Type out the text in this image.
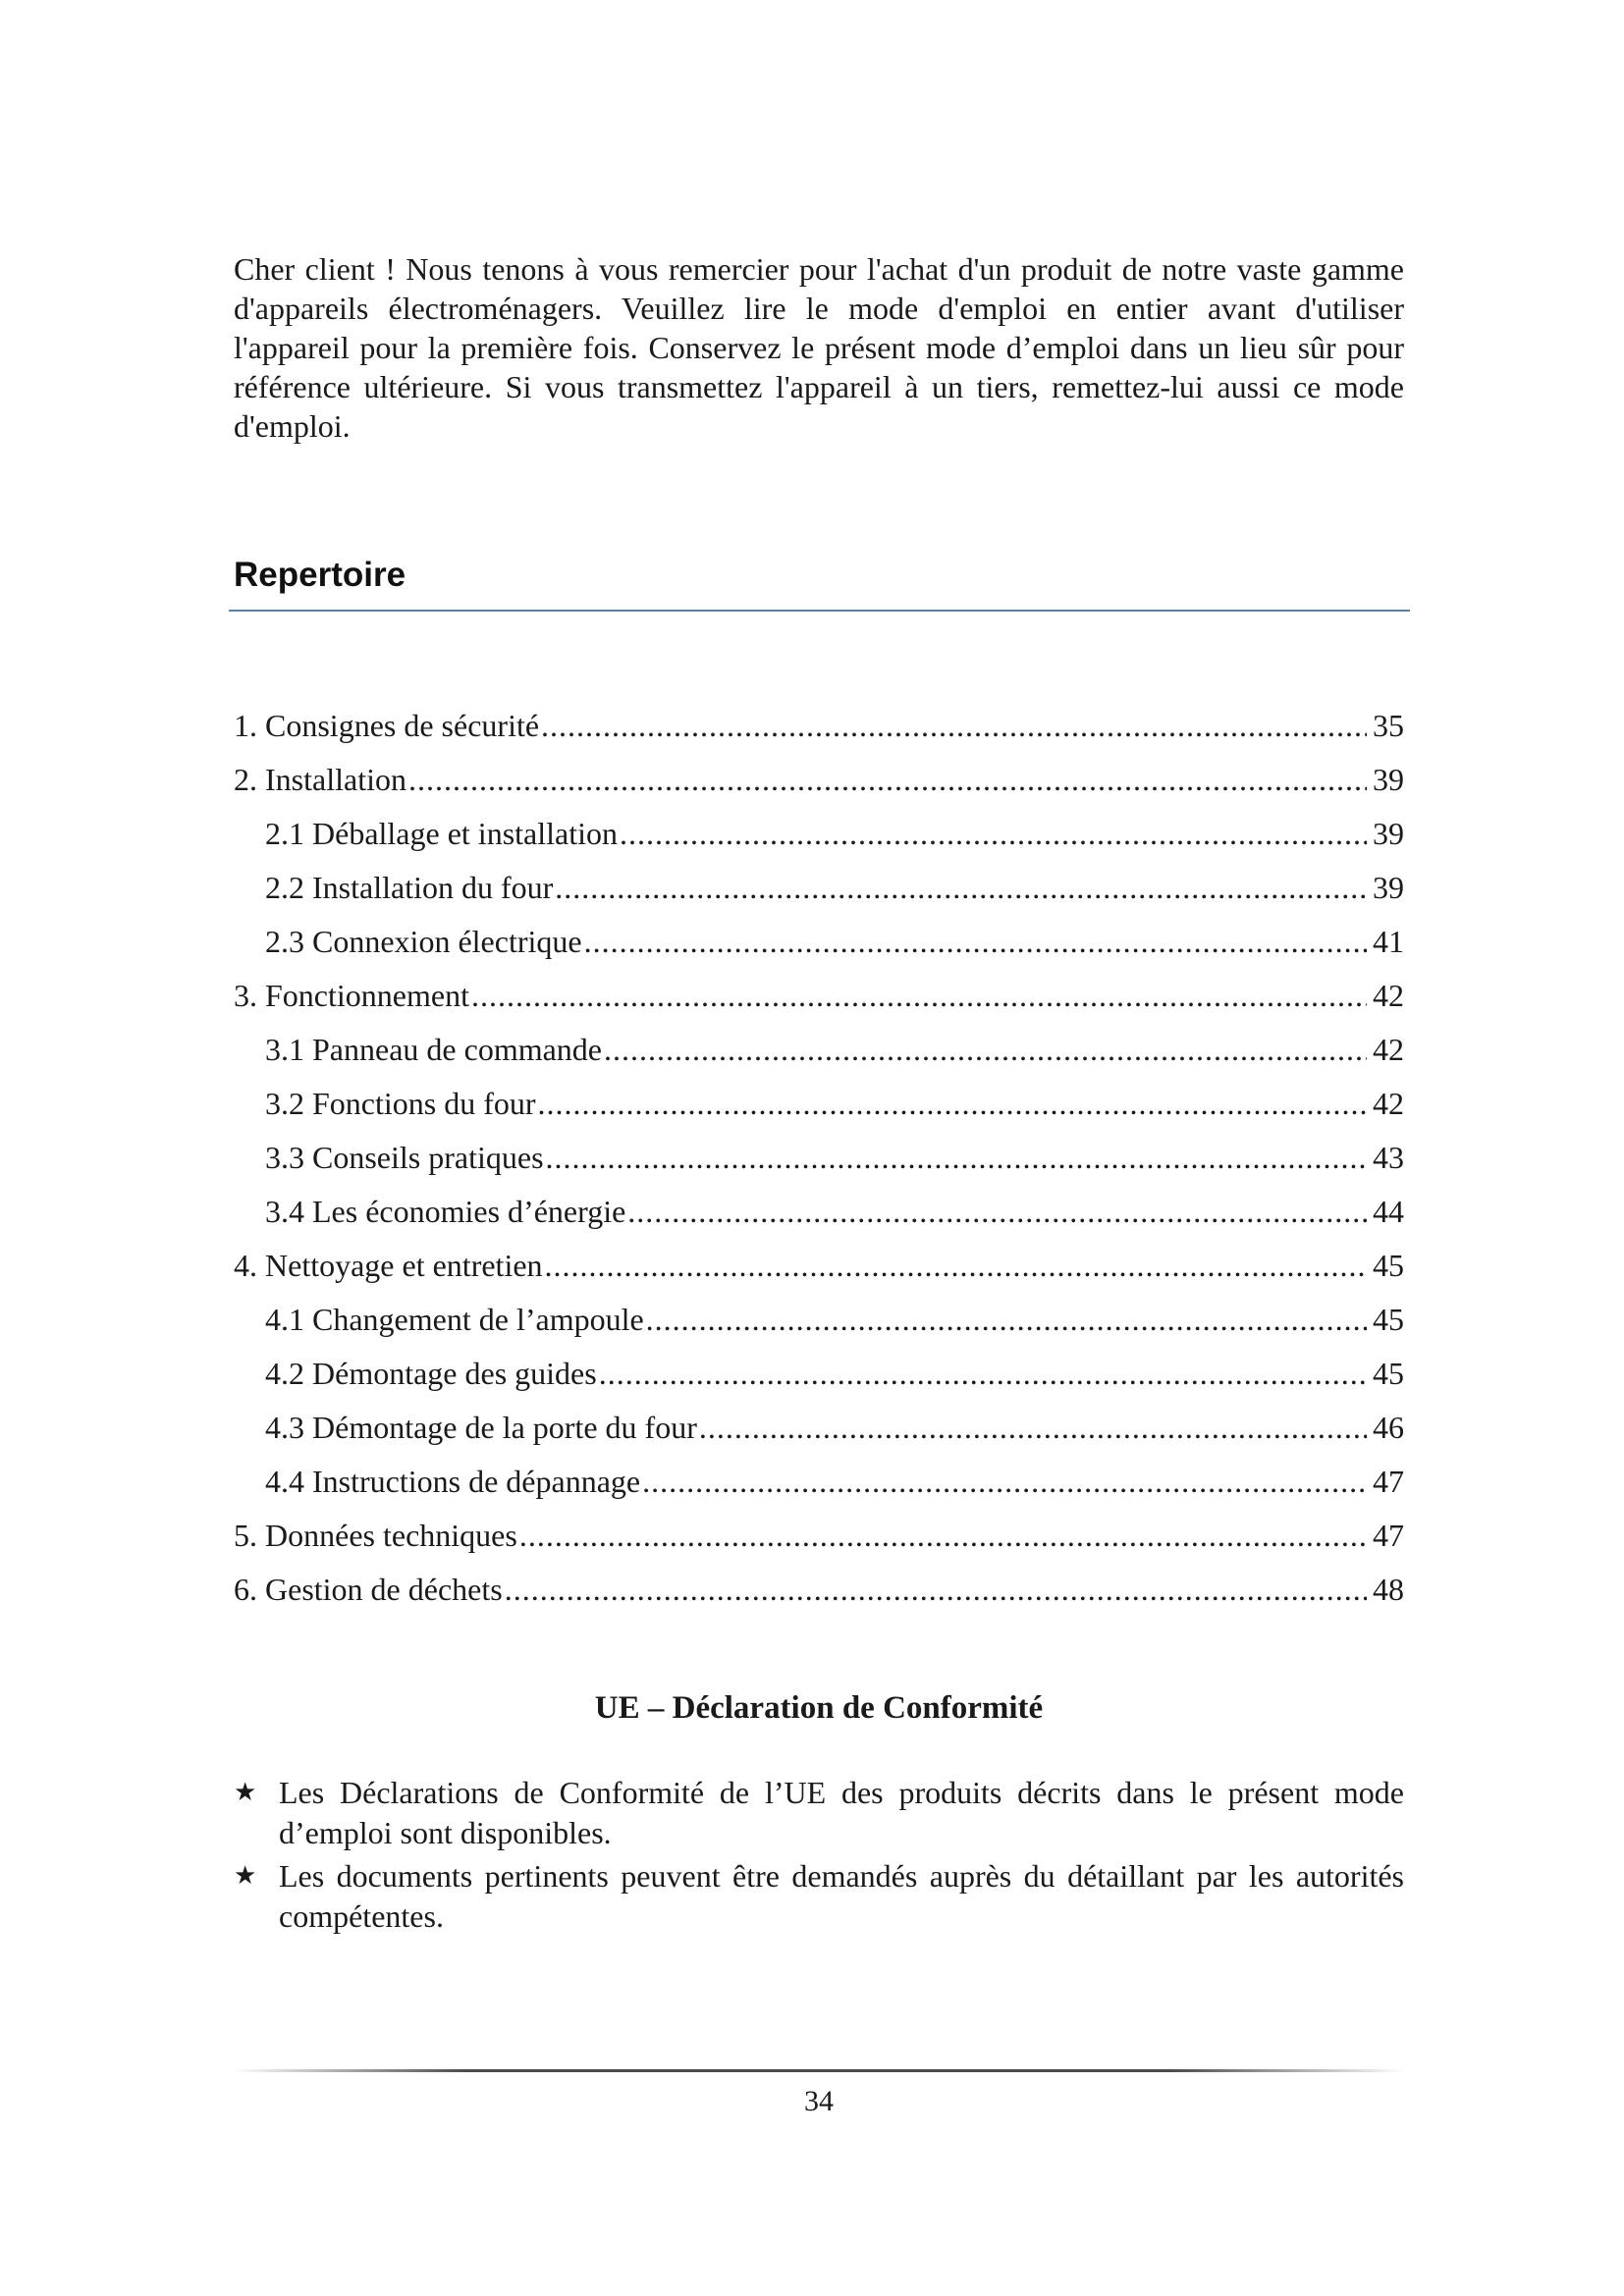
Cher client ! Nous tenons à vous remercier pour l'achat d'un produit de notre vaste gamme d'appareils électroménagers. Veuillez lire le mode d'emploi en entier avant d'utiliser l'appareil pour la première fois. Conservez le présent mode d’emploi dans un lieu sûr pour référence ultérieure. Si vous transmettez l'appareil à un tiers, remettez-lui aussi ce mode d'emploi.

Repertoire
1. Consignes de sécurité .....	35
2. Installation .....	39
2.1 Déballage et installation .....	39
2.2 Installation du four .....	39
2.3 Connexion électrique .....	41
3. Fonctionnement .....	42
3.1 Panneau de commande .....	42
3.2 Fonctions du four .....	42
3.3 Conseils pratiques .....	43
3.4 Les économies d’énergie .....	44
4. Nettoyage et entretien .....	45
4.1 Changement de l’ampoule .....	45
4.2 Démontage des guides .....	45
4.3 Démontage de la porte du four .....	46
4.4 Instructions de dépannage .....	47
5. Données techniques .....	47
6. Gestion de déchets .....	48
UE – Déclaration de Conformité
★ Les Déclarations de Conformité de l’UE des produits décrits dans le présent mode d’emploi sont disponibles.
★ Les documents pertinents peuvent être demandés auprès du détaillant par les autorités compétentes.

34
